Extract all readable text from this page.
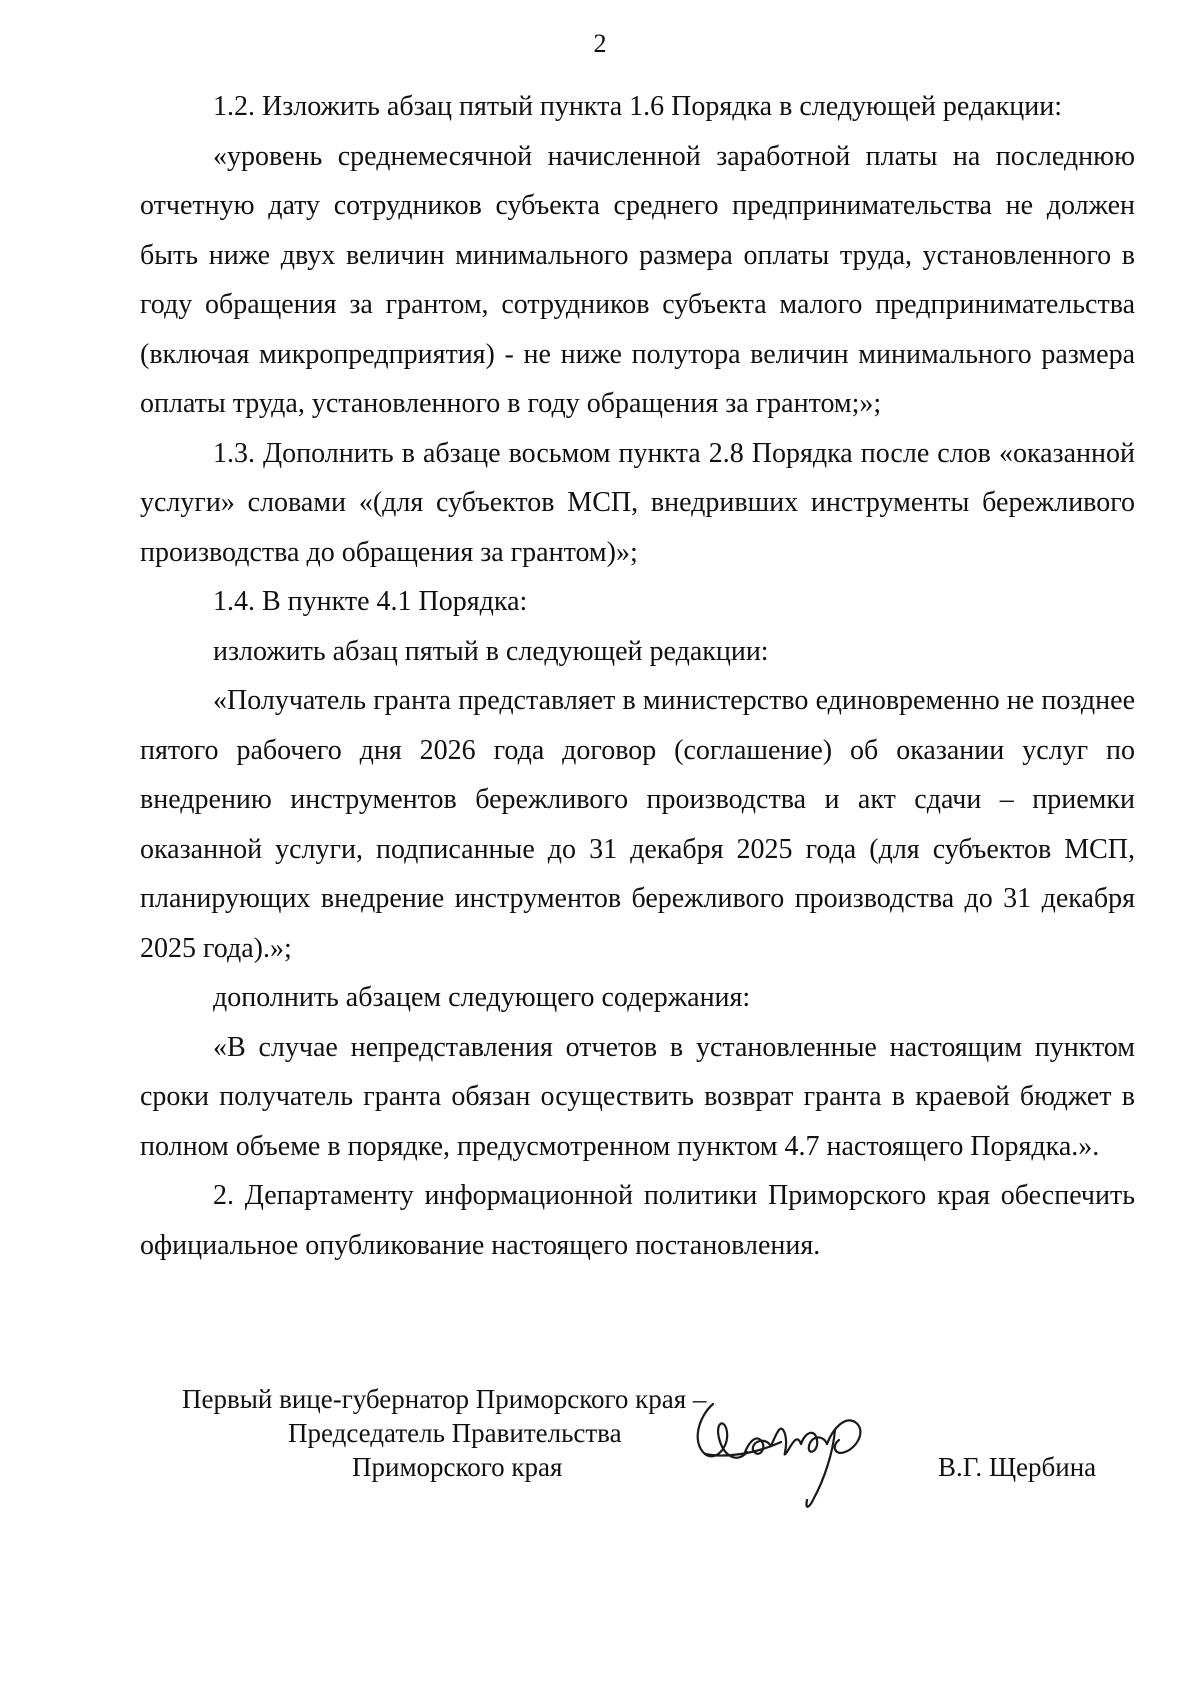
2

1.2. Изложить абзац пятый пункта 1.6 Порядка в следующей редакции:

«уровень среднемесячной начисленной заработной платы на последнюю отчетную дату сотрудников субъекта среднего предпринимательства не должен быть ниже двух величин минимального размера оплаты труда, установленного в году обращения за грантом, сотрудников субъекта малого предпринимательства (включая микропредприятия) - не ниже полутора величин минимального размера оплаты труда, установленного в году обращения за грантом;»;

1.3. Дополнить в абзаце восьмом пункта 2.8 Порядка после слов «оказанной услуги» словами «(для субъектов МСП, внедривших инструменты бережливого производства до обращения за грантом)»;

1.4. В пункте 4.1 Порядка:

изложить абзац пятый в следующей редакции:

«Получатель гранта представляет в министерство единовременно не позднее пятого рабочего дня 2026 года договор (соглашение) об оказании услуг по внедрению инструментов бережливого производства и акт сдачи – приемки оказанной услуги, подписанные до 31 декабря 2025 года (для субъектов МСП, планирующих внедрение инструментов бережливого производства до 31 декабря 2025 года).»;

дополнить абзацем следующего содержания:

«В случае непредставления отчетов в установленные настоящим пунктом сроки получатель гранта обязан осуществить возврат гранта в краевой бюджет в полном объеме в порядке, предусмотренном пунктом 4.7 настоящего Порядка.».

2. Департаменту информационной политики Приморского края обеспечить официальное опубликование настоящего постановления.

Первый вице-губернатор Приморского края –
Председатель Правительства
Приморского края	В.Г. Щербина
